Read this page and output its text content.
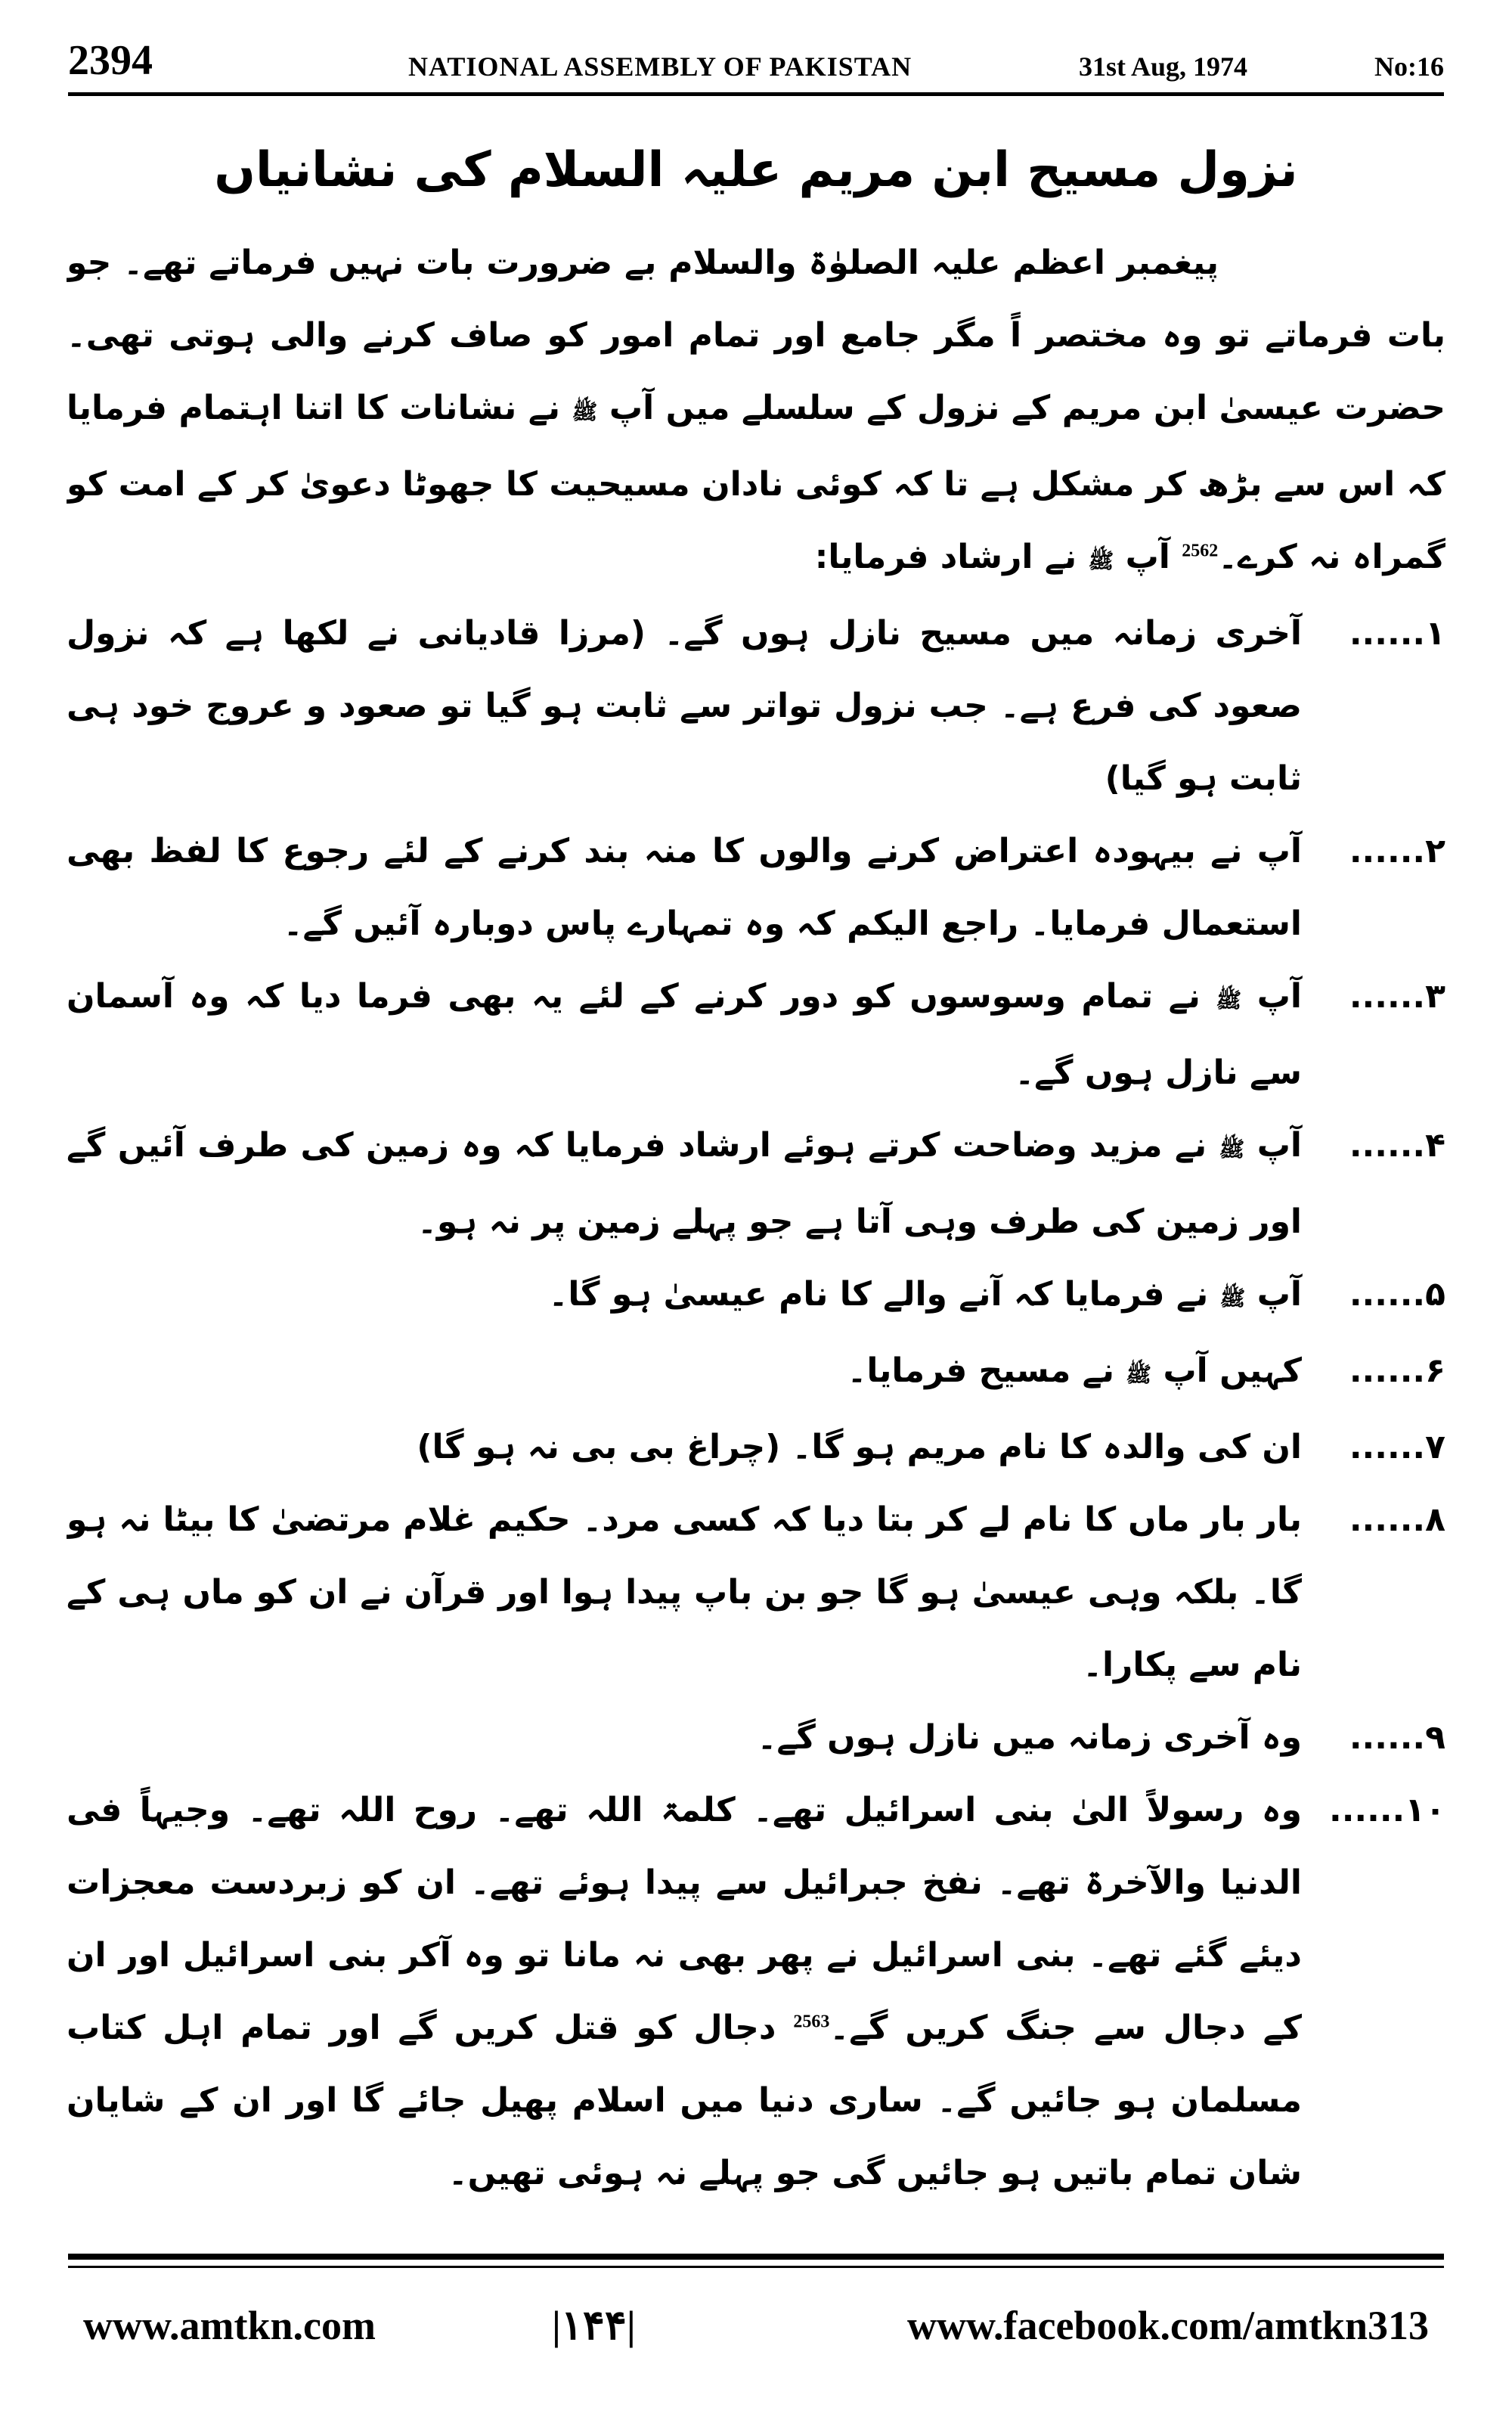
2394	NATIONAL ASSEMBLY OF PAKISTAN	31st Aug, 1974	No:16
نزول مسیح ابن مریم علیہ السلام کی نشانیاں

پیغمبر اعظم علیہ الصلوٰۃ والسلام بے ضرورت بات نہیں فرماتے تھے۔ جو بات فرماتے تو وہ مختصر اً مگر جامع اور تمام امور کو صاف کرنے والی ہوتی تھی۔ حضرت عیسیٰ ابن مریم کے نزول کے سلسلے میں آپ ﷺ نے نشانات کا اتنا اہتمام فرمایا کہ اس سے بڑھ کر مشکل ہے تا کہ کوئی نادان مسیحیت کا جھوٹا دعویٰ کر کے امت کو گمراہ نہ کرے۔$^{2562}$ آپ ﷺ نے ارشاد فرمایا:

۱......
آخری زمانہ میں مسیح نازل ہوں گے۔ (مرزا قادیانی نے لکھا ہے کہ نزول صعود کی فرع ہے۔ جب نزول تواتر سے ثابت ہو گیا تو صعود و عروج خود ہی ثابت ہو گیا)
۲......
آپ نے بیہودہ اعتراض کرنے والوں کا منہ بند کرنے کے لئے رجوع کا لفظ بھی استعمال فرمایا۔ راجع الیکم کہ وہ تمہارے پاس دوبارہ آئیں گے۔
۳......
آپ ﷺ نے تمام وسوسوں کو دور کرنے کے لئے یہ بھی فرما دیا کہ وہ آسمان سے نازل ہوں گے۔
۴......
آپ ﷺ نے مزید وضاحت کرتے ہوئے ارشاد فرمایا کہ وہ زمین کی طرف آئیں گے اور زمین کی طرف وہی آتا ہے جو پہلے زمین پر نہ ہو۔
۵......
آپ ﷺ نے فرمایا کہ آنے والے کا نام عیسیٰ ہو گا۔
۶......
کہیں آپ ﷺ نے مسیح فرمایا۔
۷......
ان کی والدہ کا نام مریم ہو گا۔ (چراغ بی بی نہ ہو گا)
۸......
بار بار ماں کا نام لے کر بتا دیا کہ کسی مرد۔ حکیم غلام مرتضیٰ کا بیٹا نہ ہو گا۔ بلکہ وہی عیسیٰ ہو گا جو بن باپ پیدا ہوا اور قرآن نے ان کو ماں ہی کے نام سے پکارا۔
۹......
وہ آخری زمانہ میں نازل ہوں گے۔
۱۰......
وہ رسولاً الیٰ بنی اسرائیل تھے۔ کلمۃ اللہ تھے۔ روح اللہ تھے۔ وجیہاً فی الدنیا والآخرۃ تھے۔ نفخ جبرائیل سے پیدا ہوئے تھے۔ ان کو زبردست معجزات دیئے گئے تھے۔ بنی اسرائیل نے پھر بھی نہ مانا تو وہ آکر بنی اسرائیل اور ان کے دجال سے جنگ کریں گے۔$^{2563}$ دجال کو قتل کریں گے اور تمام اہل کتاب مسلمان ہو جائیں گے۔ ساری دنیا میں اسلام پھیل جائے گا اور ان کے شایان شان تمام باتیں ہو جائیں گی جو پہلے نہ ہوئی تھیں۔
www.amtkn.com	|۱۴۴|	www.facebook.com/amtkn313
